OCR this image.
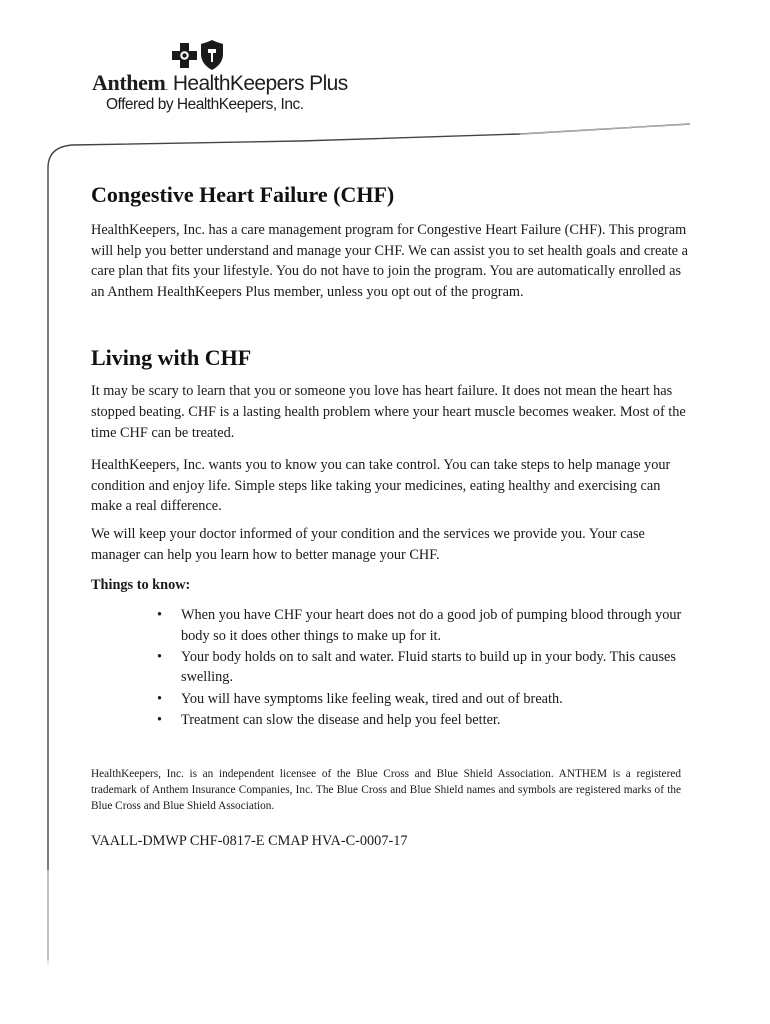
Anthem. HealthKeepers Plus
Offered by HealthKeepers, Inc.
Congestive Heart Failure (CHF)

HealthKeepers, Inc. has a care management program for Congestive Heart Failure (CHF). This program will help you better understand and manage your CHF. We can assist you to set health goals and create a care plan that fits your lifestyle. You do not have to join the program. You are automatically enrolled as an Anthem HealthKeepers Plus member, unless you opt out of the program.

Living with CHF

It may be scary to learn that you or someone you love has heart failure. It does not mean the heart has stopped beating. CHF is a lasting health problem where your heart muscle becomes weaker. Most of the time CHF can be treated.

HealthKeepers, Inc. wants you to know you can take control. You can take steps to help manage your condition and enjoy life. Simple steps like taking your medicines, eating healthy and exercising can make a real difference.

We will keep your doctor informed of your condition and the services we provide you. Your case manager can help you learn how to better manage your CHF.

Things to know:
• When you have CHF your heart does not do a good job of pumping blood through your body so it does other things to make up for it.
• Your body holds on to salt and water. Fluid starts to build up in your body. This causes swelling.
• You will have symptoms like feeling weak, tired and out of breath.
• Treatment can slow the disease and help you feel better.

HealthKeepers, Inc. is an independent licensee of the Blue Cross and Blue Shield Association. ANTHEM is a registered trademark of Anthem Insurance Companies, Inc. The Blue Cross and Blue Shield names and symbols are registered marks of the Blue Cross and Blue Shield Association.

VAALL-DMWP CHF-0817-E CMAP HVA-C-0007-17
